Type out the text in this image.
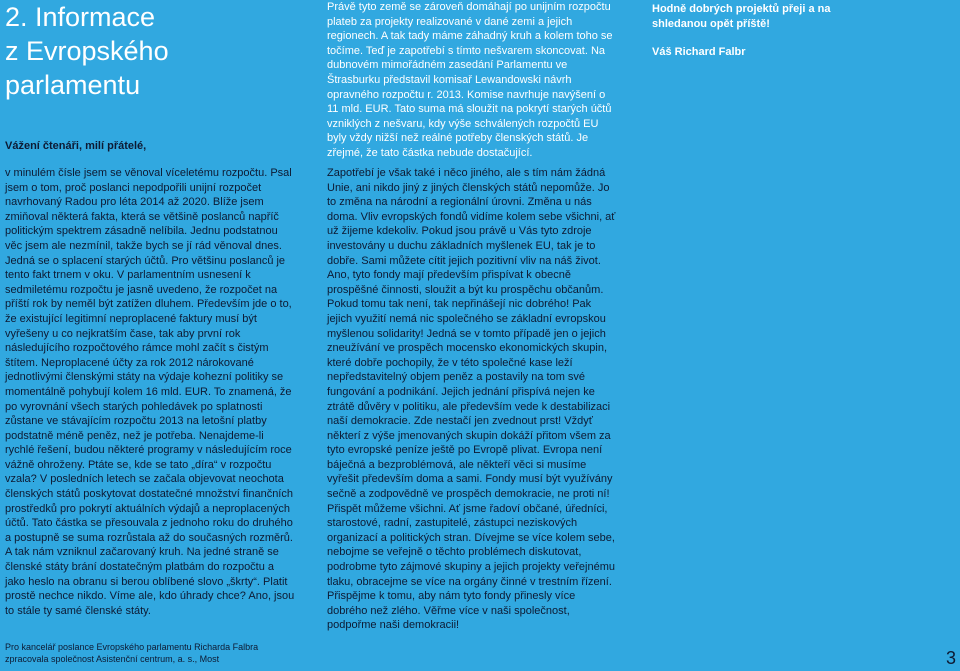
2. Informace
z Evropského
parlamentu
Vážení čtenáři, milí přátelé,

Právě tyto země se zároveň domáhají po unijním rozpočtu plateb za projekty realizované v dané zemi a jejich regionech. A tak tady máme záhadný kruh a kolem toho se točíme. Teď je zapotřebí s tímto nešvarem skoncovat. Na dubnovém mimořádném zasedání Parlamentu ve Štrasburku představil komisař Lewandowski návrh opravného rozpočtu r. 2013. Komise navrhuje navýšení o 11 mld. EUR. Tato suma má sloužit na pokrytí starých účtů vzniklých z nešvaru, kdy výše schválených rozpočtů EU byly vždy nižší než reálné potřeby členských států. Je zřejmé, že tato částka nebude dostačující.

Hodně dobrých projektů přeji a na shledanou opět příště!

Váš Richard Falbr

v minulém čísle jsem se věnoval víceletému rozpočtu. Psal jsem o tom, proč poslanci nepodpořili unijní rozpočet navrhovaný Radou pro léta 2014 až 2020. Blíže jsem zmiňoval některá fakta, která se většině poslanců napříč politickým spektrem zásadně nelíbila. Jednu podstatnou věc jsem ale nezmínil, takže bych se jí rád věnoval dnes. Jedná se o splacení starých účtů. Pro většinu poslanců je tento fakt trnem v oku. V parlamentním usnesení k sedmiletému rozpočtu je jasně uvedeno, že rozpočet na příští rok by neměl být zatížen dluhem. Především jde o to, že existující legitimní neproplacené faktury musí být vyřešeny u co nejkratším čase, tak aby první rok následujícího rozpočtového rámce mohl začít s čistým štítem. Neproplacené účty za rok 2012 nárokované jednotlivými členskými státy na výdaje kohezní politiky se momentálně pohybují kolem 16 mld. EUR. To znamená, že po vyrovnání všech starých pohledávek po splatnosti zůstane ve stávajícím rozpočtu 2013 na letošní platby podstatně méně peněz, než je potřeba. Nenajdeme-li rychlé řešení, budou některé programy v následujícím roce vážně ohroženy. Ptáte se, kde se tato „díra“ v rozpočtu vzala? V posledních letech se začala objevovat neochota členských států poskytovat dostatečné množství finančních prostředků pro pokrytí aktuálních výdajů a neproplacených účtů. Tato částka se přesouvala z jednoho roku do druhého a postupně se suma rozrůstala až do současných rozměrů. A tak nám vzniknul začarovaný kruh. Na jedné straně se členské státy brání dostatečným platbám do rozpočtu a jako heslo na obranu si berou oblíbené slovo „škrty“. Platit prostě nechce nikdo. Víme ale, kdo úhrady chce? Ano, jsou to stále ty samé členské státy.

Zapotřebí je však také i něco jiného, ale s tím nám žádná Unie, ani nikdo jiný z jiných členských států nepomůže. Jo to změna na národní a regionální úrovni. Změna u nás doma. Vliv evropských fondů vidíme kolem sebe všichni, ať už žijeme kdekoliv. Pokud jsou právě u Vás tyto zdroje investovány u duchu základních myšlenek EU, tak je to dobře. Sami můžete cítit jejich pozitivní vliv na náš život. Ano, tyto fondy mají především přispívat k obecně prospěšné činnosti, sloužit a být ku prospěchu občanům. Pokud tomu tak není, tak nepřinášejí nic dobrého! Pak jejich využití nemá nic společného se základní evropskou myšlenou solidarity! Jedná se v tomto případě jen o jejich zneužívání ve prospěch mocensko ekonomických skupin, které dobře pochopily, že v této společné kase leží nepředstavitelný objem peněz a postavily na tom své fungování a podnikání. Jejich jednání přispívá nejen ke ztrátě důvěry v politiku, ale především vede k destabilizaci naší demokracie. Zde nestačí jen zvednout prst! Vždyť některí z výše jmenovaných skupin dokáží přitom všem za tyto evropské peníze ještě po Evropě plivat. Evropa není báječná a bezproblémová, ale někteří věci si musíme vyřešit především doma a sami. Fondy musí být využívány sečně a zodpovědně ve prospěch demokracie, ne proti ní! Přispět můžeme všichni. Ať jsme řadoví občané, úředníci, starostové, radní, zastupitelé, zástupci neziskových organizací a politických stran. Dívejme se více kolem sebe, nebojme se veřejně o těchto problémech diskutovat, podrobme tyto zájmové skupiny a jejich projekty veřejnému tlaku, obracejme se více na orgány činné v trestním řízení. Přispějme k tomu, aby nám tyto fondy přinesly více dobrého než zlého. Věřme více v naši společnost, podpořme naši demokracii!

Pro kancelář poslance Evropského parlamentu Richarda Falbra
zpracovala společnost Asistenční centrum, a. s., Most	3
